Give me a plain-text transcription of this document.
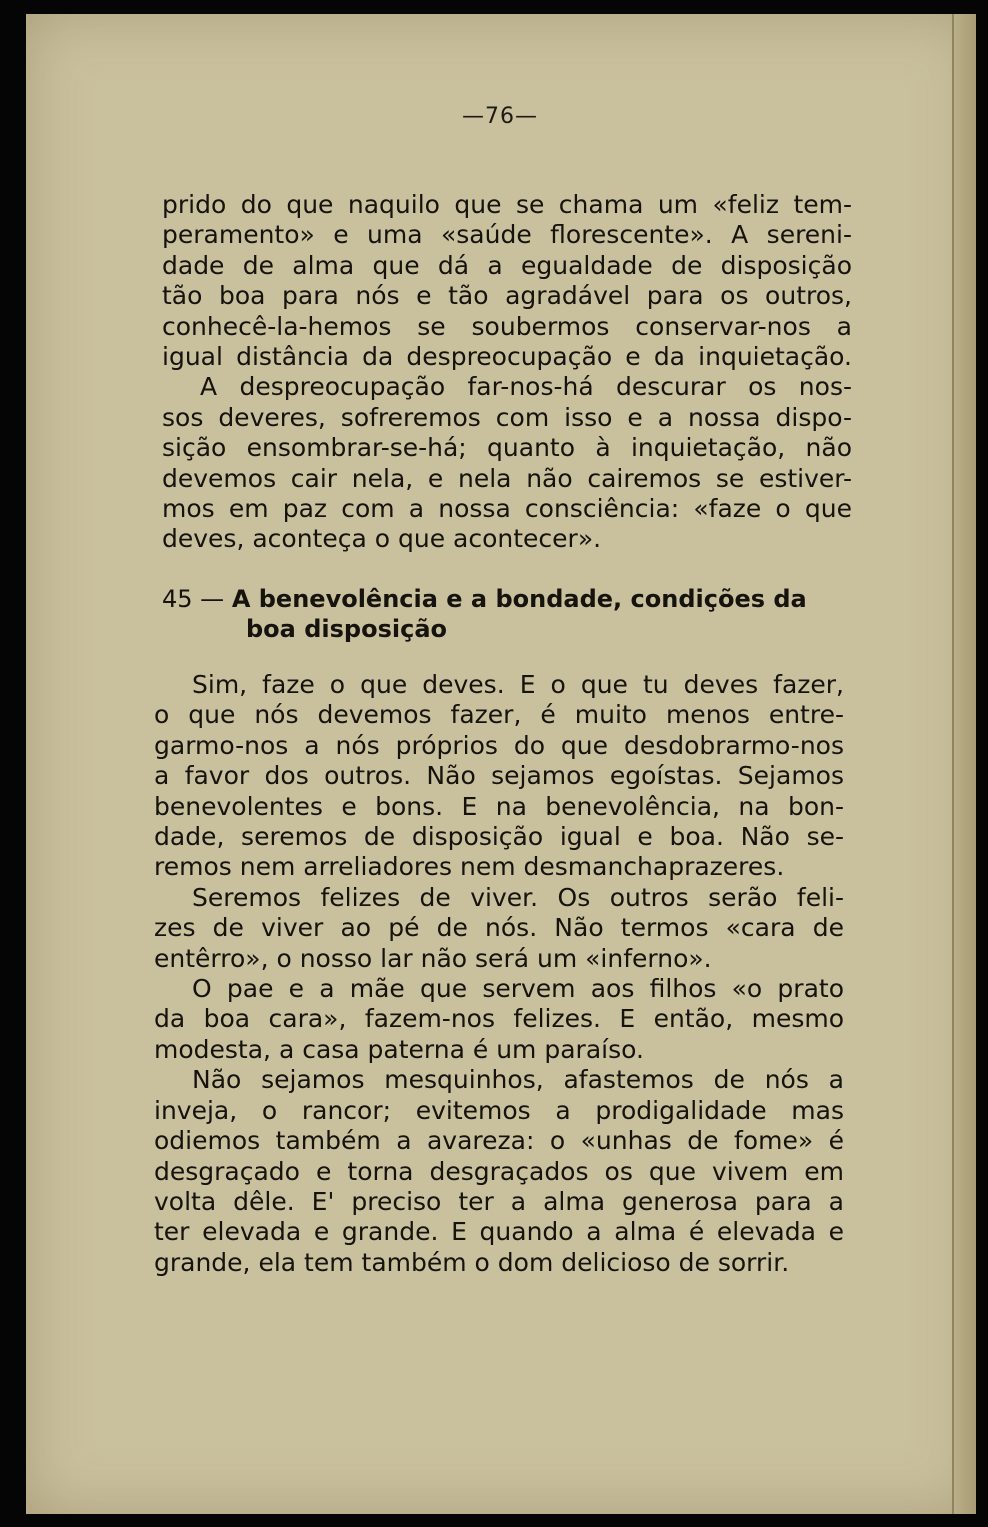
—76—
prido do que naquilo que se chama um «feliz tem-
peramento» e uma «saúde florescente». A sereni-
dade de alma que dá a egualdade de disposição
tão boa para nós e tão agradável para os outros,
conhecê-la-hemos se soubermos conservar-nos a
igual distância da despreocupação e da inquietação.
A despreocupação far-nos-há descurar os nos-
sos deveres, sofreremos com isso e a nossa dispo-
sição ensombrar-se-há; quanto à inquietação, não
devemos cair nela, e nela não cairemos se estiver-
mos em paz com a nossa consciência: «faze o que
deves, aconteça o que acontecer».
45 — A benevolência e a bondade, condições da
boa disposição
Sim, faze o que deves. E o que tu deves fazer,
o que nós devemos fazer, é muito menos entre-
garmo-nos a nós próprios do que desdobrarmo-nos
a favor dos outros. Não sejamos egoístas. Sejamos
benevolentes e bons. E na benevolência, na bon-
dade, seremos de disposição igual e boa. Não se-
remos nem arreliadores nem desmanchaprazeres.
Seremos felizes de viver. Os outros serão feli-
zes de viver ao pé de nós. Não termos «cara de
entêrro», o nosso lar não será um «inferno».
O pae e a mãe que servem aos filhos «o prato
da boa cara», fazem-nos felizes. E então, mesmo
modesta, a casa paterna é um paraíso.
Não sejamos mesquinhos, afastemos de nós a
inveja, o rancor; evitemos a prodigalidade mas
odiemos também a avareza: o «unhas de fome» é
desgraçado e torna desgraçados os que vivem em
volta dêle. E' preciso ter a alma generosa para a
ter elevada e grande. E quando a alma é elevada e
grande, ela tem também o dom delicioso de sorrir.
